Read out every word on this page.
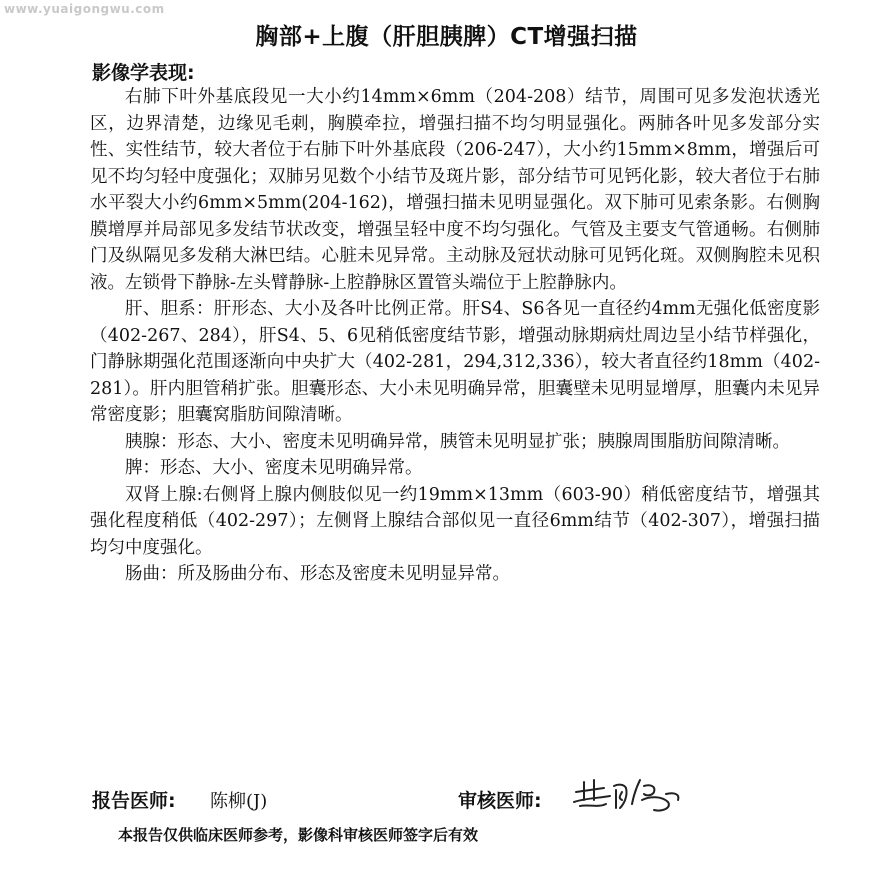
www.yuaigongwu.com
胸部+上腹（肝胆胰脾）CT增强扫描
影像学表现:

右肺下叶外基底段见一大小约14mm×6mm（204-208）结节，周围可见多发泡状透光区，边界清楚，边缘见毛刺，胸膜牵拉，增强扫描不均匀明显强化。两肺各叶见多发部分实性、实性结节，较大者位于右肺下叶外基底段（206-247），大小约15mm×8mm，增强后可见不均匀轻中度强化；双肺另见数个小结节及斑片影，部分结节可见钙化影，较大者位于右肺水平裂大小约6mm×5mm(204-162)，增强扫描未见明显强化。双下肺可见索条影。右侧胸膜增厚并局部见多发结节状改变，增强呈轻中度不均匀强化。气管及主要支气管通畅。右侧肺门及纵隔见多发稍大淋巴结。心脏未见异常。主动脉及冠状动脉可见钙化斑。双侧胸腔未见积液。左锁骨下静脉-左头臂静脉-上腔静脉区置管头端位于上腔静脉内。

肝、胆系：肝形态、大小及各叶比例正常。肝S4、S6各见一直径约4mm无强化低密度影（402-267、284），肝S4、5、6见稍低密度结节影，增强动脉期病灶周边呈小结节样强化，门静脉期强化范围逐渐向中央扩大（402-281，294,312,336），较大者直径约18mm（402-281）。肝内胆管稍扩张。胆囊形态、大小未见明确异常，胆囊壁未见明显增厚，胆囊内未见异常密度影；胆囊窝脂肪间隙清晰。

胰腺：形态、大小、密度未见明确异常，胰管未见明显扩张；胰腺周围脂肪间隙清晰。

脾：形态、大小、密度未见明确异常。

双肾上腺:右侧肾上腺内侧肢似见一约19mm×13mm（603-90）稍低密度结节，增强其强化程度稍低（402-297）；左侧肾上腺结合部似见一直径6mm结节（402-307），增强扫描均匀中度强化。

肠曲：所及肠曲分布、形态及密度未见明显异常。

报告医师: 陈柳(J)	审核医师:
本报告仅供临床医师参考，影像科审核医师签字后有效
